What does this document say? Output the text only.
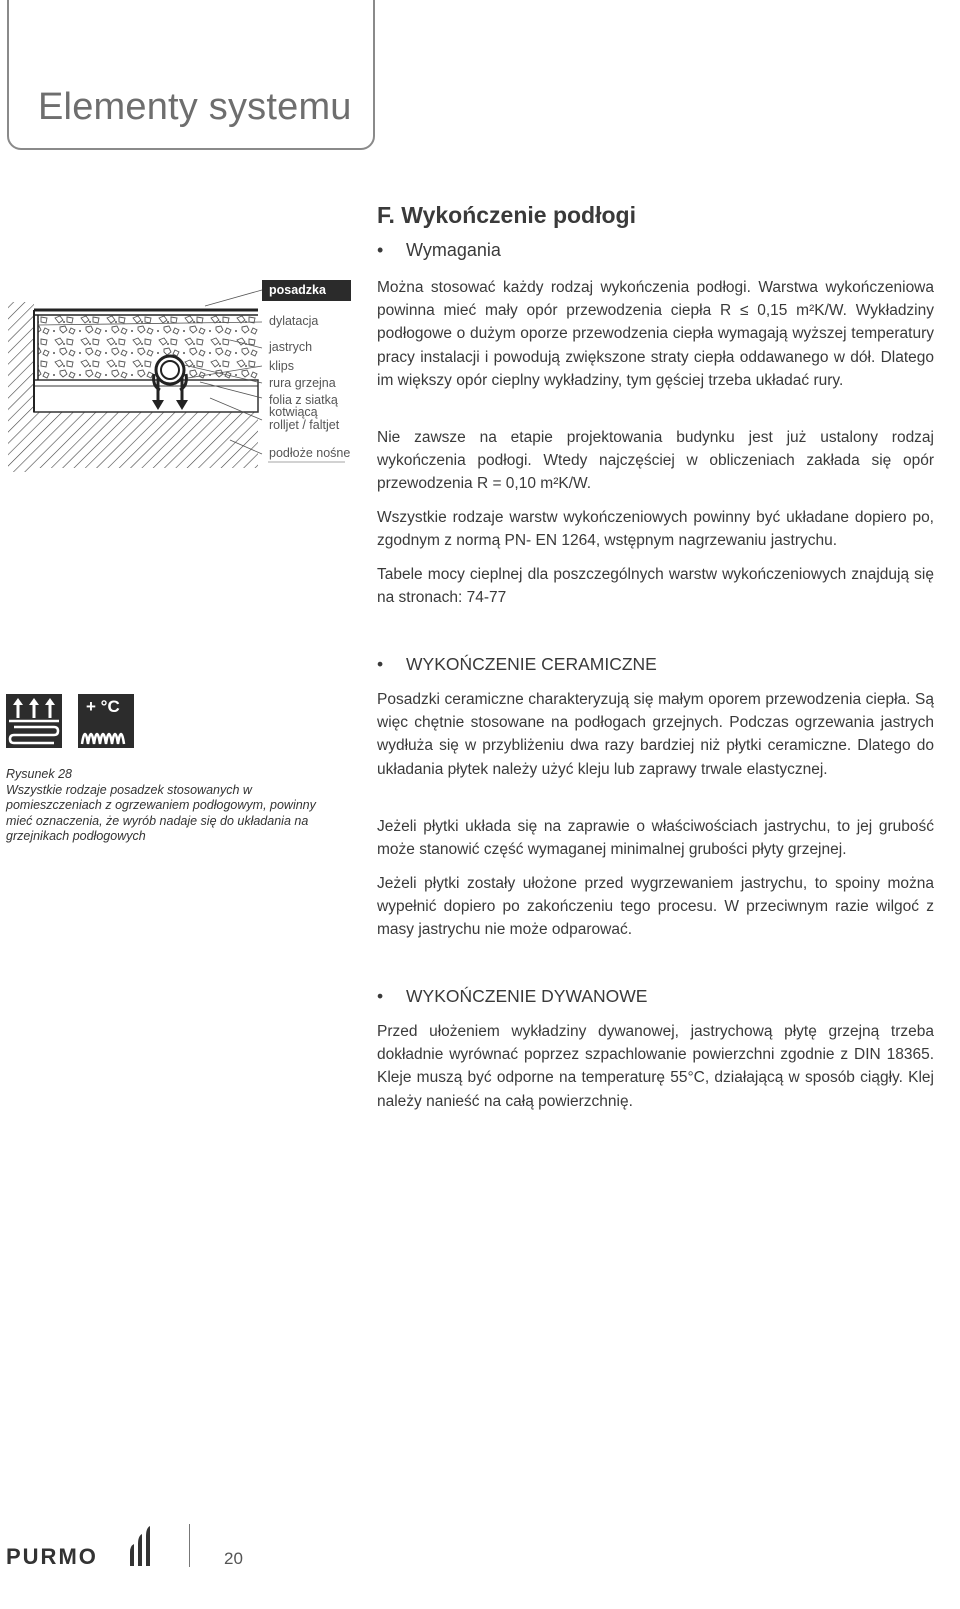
Elementy systemu
F. Wykończenie podłogi
• Wymagania

Można stosować każdy rodzaj wykończenia podłogi. Warstwa wykończeniowa powinna mieć mały opór przewodzenia ciepła R ≤ 0,15 m²K/W. Wykładziny podłogowe o dużym oporze przewodzenia ciepła wymagają wyższej temperatury pracy instalacji i powodują zwiększone straty ciepła oddawanego w dół. Dlatego im większy opór cieplny wykładziny, tym gęściej trzeba układać rury.

Nie zawsze na etapie projektowania budynku jest już ustalony rodzaj wykończenia podłogi. Wtedy najczęściej w obliczeniach zakłada się opór przewodzenia R = 0,10 m²K/W.

Wszystkie rodzaje warstw wykończeniowych powinny być układane dopiero po, zgodnym z normą PN- EN 1264, wstępnym nagrzewaniu jastrychu.

Tabele mocy cieplnej dla poszczególnych warstw wykończeniowych znajdują się na stronach: 74-77

posadzka
dylatacja
jastrych
klips
rura grzejna
folia z siatką
kotwiącą
rolljet / faltjet
podłoże nośne
• WYKOŃCZENIE CERAMICZNE

Posadzki ceramiczne charakteryzują się małym oporem przewodzenia ciepła. Są więc chętnie stosowane na podłogach grzejnych. Podczas ogrzewania jastrych wydłuża się w przybliżeniu dwa razy bardziej niż płytki ceramiczne. Dlatego do układania płytek należy użyć kleju lub zaprawy trwale elastycznej.

Jeżeli płytki układa się na zaprawie o właściwościach jastrychu, to jej grubość może stanowić część wymaganej minimalnej grubości płyty grzejnej.

Jeżeli płytki zostały ułożone przed wygrzewaniem jastrychu, to spoiny można wypełnić dopiero po zakończeniu tego procesu. W przeciwnym razie wilgoć z masy jastrychu nie może odparować.

+ °C
Rysunek 28
Wszystkie rodzaje posadzek stosowanych w pomieszczeniach z ogrzewaniem podłogowym, powinny mieć oznaczenia, że wyrób nadaje się do układania na grzejnikach podłogowych
• WYKOŃCZENIE DYWANOWE

Przed ułożeniem wykładziny dywanowej, jastrychową płytę grzejną trzeba dokładnie wyrównać poprzez szpachlowanie powierzchni zgodnie z DIN 18365. Kleje muszą być odporne na temperaturę 55°C, działającą w sposób ciągły. Klej należy nanieść na całą powierzchnię.

PURMO	20
